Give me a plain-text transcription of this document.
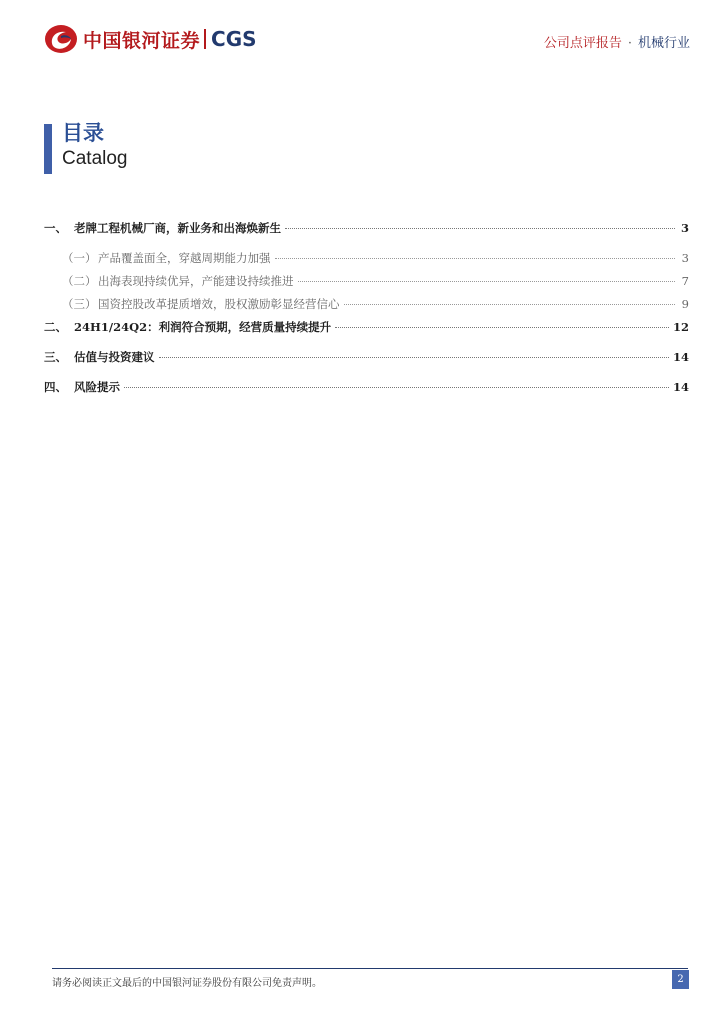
中国银河证券 CGS	公司点评报告 · 机械行业
目录
Catalog
一、 老牌工程机械厂商，新业务和出海焕新生	3
（一） 产品覆盖面全，穿越周期能力加强	3
（二） 出海表现持续优异，产能建设持续推进	7
（三） 国资控股改革提质增效，股权激励彰显经营信心	9
二、 24H1/24Q2：利润符合预期，经营质量持续提升	12
三、 估值与投资建议	14
四、 风险提示	14
请务必阅读正文最后的中国银河证券股份有限公司免责声明。	2
